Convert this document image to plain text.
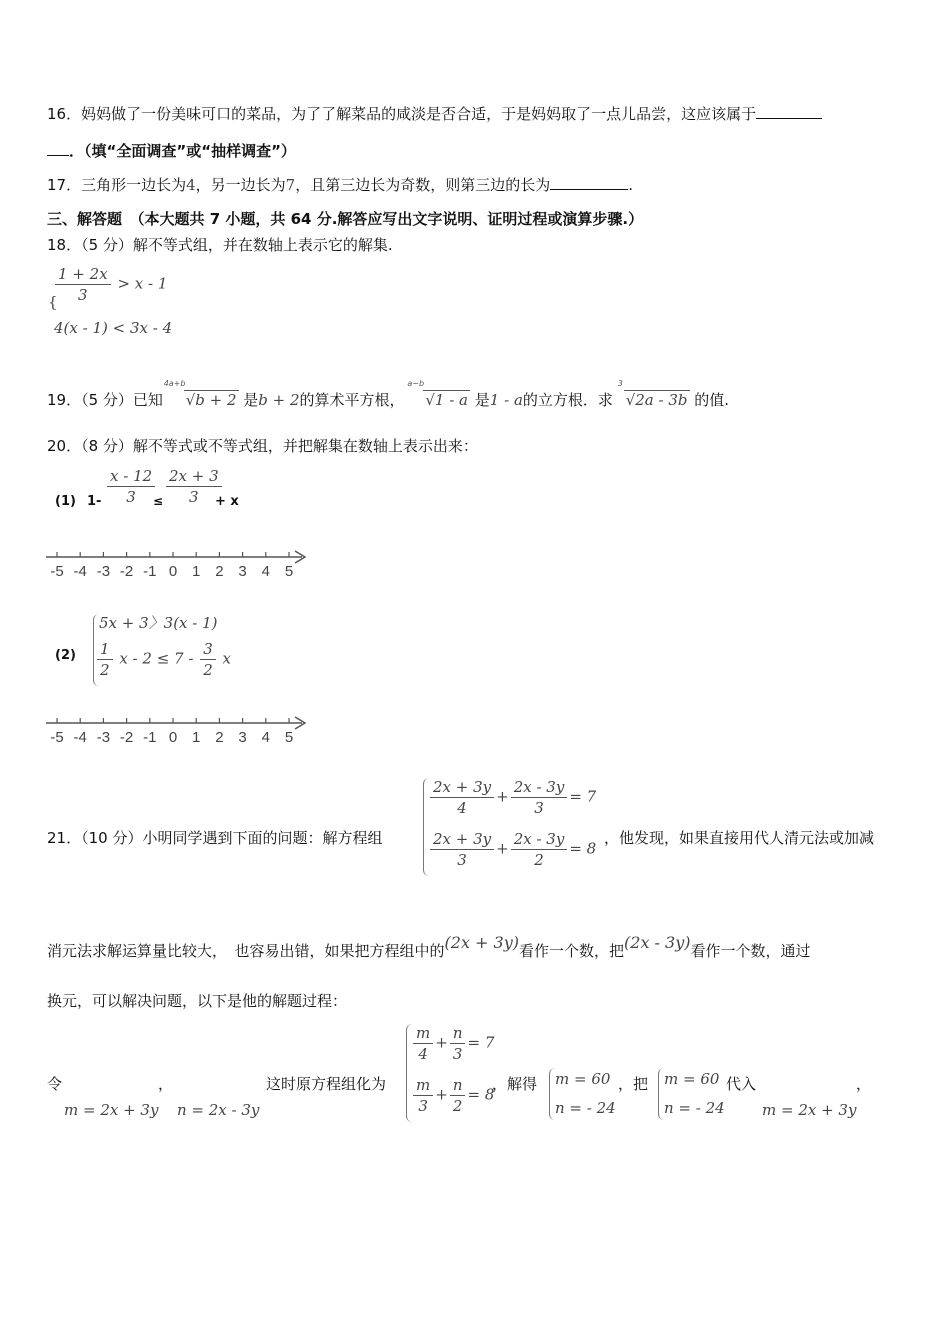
16．妈妈做了一份美味可口的菜品，为了了解菜品的咸淡是否合适，于是妈妈取了一点儿品尝，这应该属于
．（填“全面调查”或“抽样调查”）
17．三角形一边长为4，另一边长为7，且第三边长为奇数，则第三边的长为	.
三、解答题　（本大题共 7 小题，共 64 分.解答应写出文字说明、证明过程或演算步骤.）
18．（5 分）解不等式组，并在数轴上表示它的解集.
$\frac{1 + 2x}{3} > x - 1$
{
4(x - 1) < 3x - 4
19．（5 分）已知
4a+b
√b + 2 是b + 2的算术平方根，
a−b
√1 - a 是1 - a的立方根．求
3
√2a - 3b 的值.
20．（8 分）解不等式或不等式组，并把解集在数轴上表示出来：
(1) $1- \frac{x - 12}{3}$
≤ $\frac{2x + 3}{3}$
+ x
-5 -4 -3 -2 -1 0 1 2 3 4 5
(2)
5x + 3〉3(x - 1)
$\frac{1}{2}$ $x - 2 \le 7 - \frac{3}{2}$ x
-5 -4 -3 -2 -1 0 1 2 3 4 5
21．（10 分）小明同学遇到下面的问题：解方程组
$\frac{2x + 3y}{4} + \frac{2x - 3y}{3} = 7$
$\frac{2x + 3y}{3} + \frac{2x - 3y}{2} = 8$
，他发现，如果直接用代人清元法或加减
消元法求解运算量比较大，　也容易出错，如果把方程组中的(2x + 3y)看作一个数，把(2x - 3y)看作一个数，通过
换元，可以解决问题，以下是他的解题过程：
令
m = 2x + 3y
，
n = 2x - 3y
这时原方程组化为
$\frac{m}{4} + \frac{n}{3} = 7$
$\frac{m}{3} + \frac{n}{2} = 8$
，解得 m = 60
n = - 24
，把 m = 60
n = - 24
代入
m = 2x + 3y
，
